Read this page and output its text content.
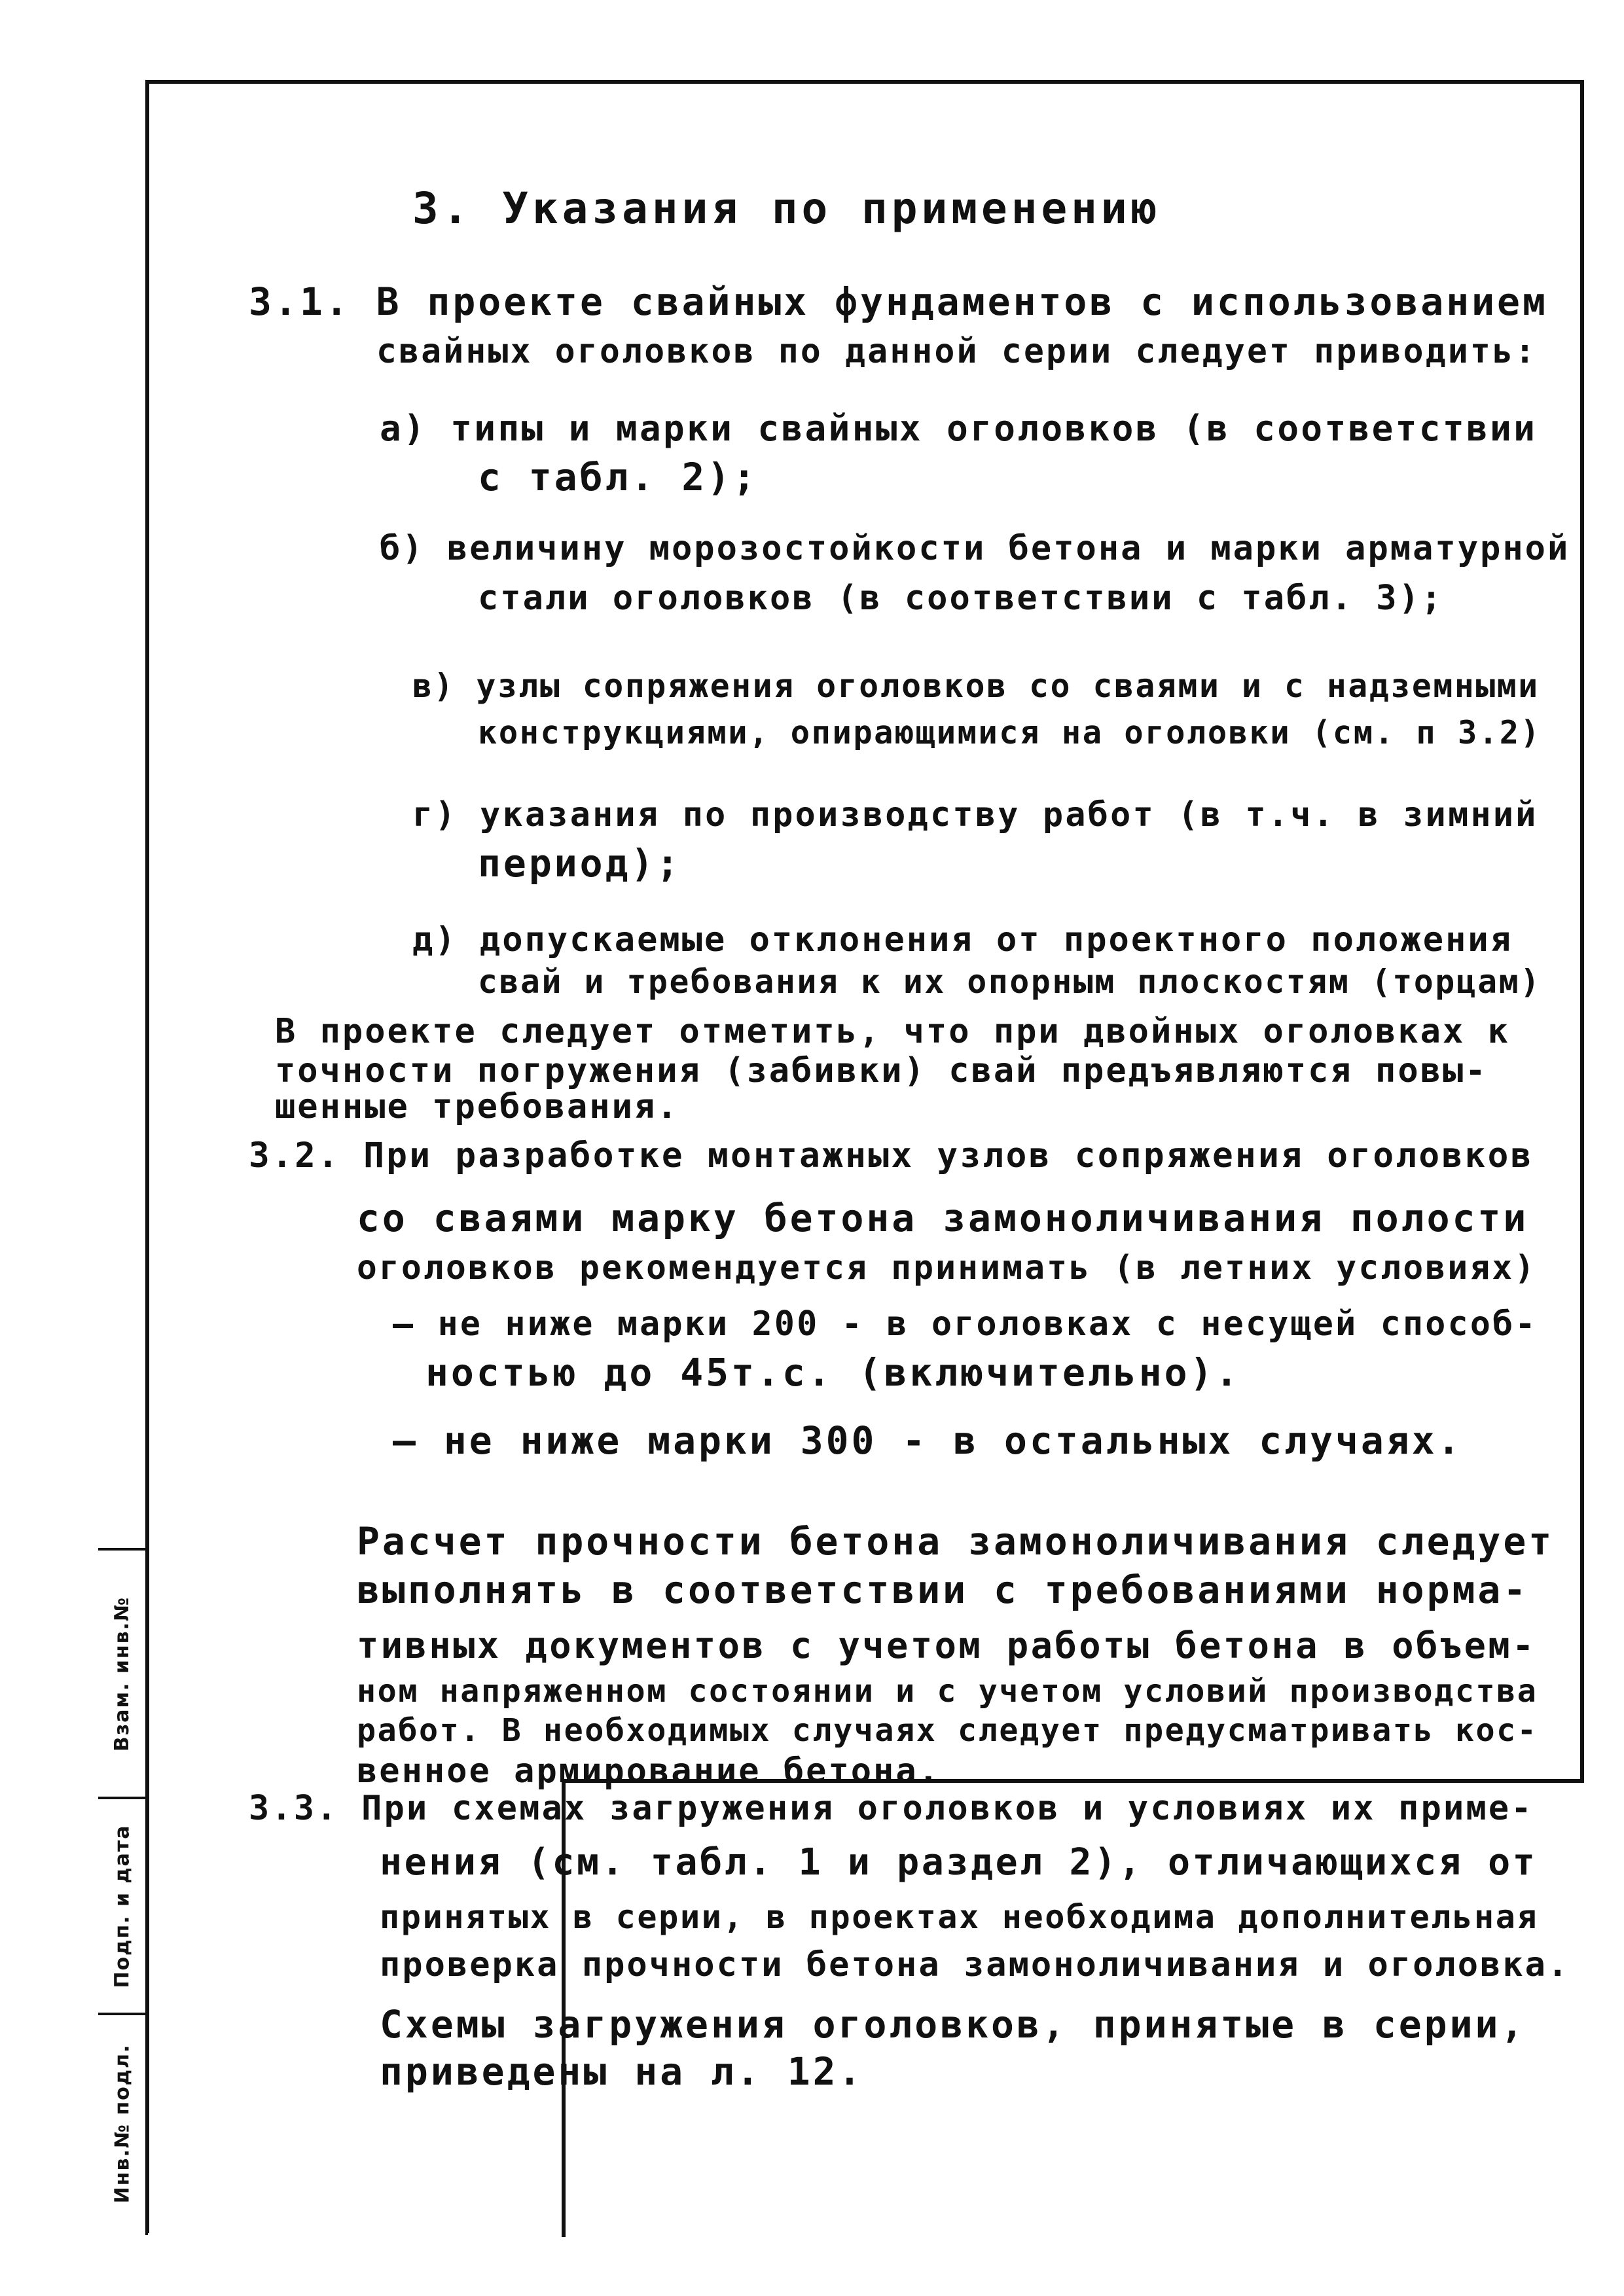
Инв.№ подл.
Подп. и дата
Взам. инв.№
3. Указания по применению
3.1. В проекте свайных фундаментов с использованием
свайных оголовков по данной серии следует приводить:
а) типы и марки свайных оголовков (в соответствии
с табл. 2);
б) величину морозостойкости бетона и марки арматурной
стали оголовков (в соответствии с табл. 3);
в) узлы сопряжения оголовков со сваями и с надземными
конструкциями, опирающимися на оголовки (см. п 3.2)
г) указания по производству работ (в т.ч. в зимний
период);
д) допускаемые отклонения от проектного положения
свай и требования к их опорным плоскостям (торцам)
В проекте следует отметить, что при двойных оголовках к
точности погружения (забивки) свай предъявляются повы-
шенные требования.
3.2. При разработке монтажных узлов сопряжения оголовков
со сваями марку бетона замоноличивания полости
оголовков рекомендуется принимать (в летних условиях)
– не ниже марки 200 - в оголовках с несущей способ-
ностью до 45т.с. (включительно).
– не ниже марки 300 - в остальных случаях.
Расчет прочности бетона замоноличивания следует
выполнять в соответствии с требованиями норма-
тивных документов с учетом работы бетона в объем-
ном напряженном состоянии и с учетом условий производства
работ. В необходимых случаях следует предусматривать кос-
венное армирование бетона.
3.3. При схемах загружения оголовков и условиях их приме-
нения (см. табл. 1 и раздел 2), отличающихся от
принятых в серии, в проектах необходима дополнительная
проверка прочности бетона замоноличивания и оголовка.
Схемы загружения оголовков, принятые в серии,
приведены на л. 12.
